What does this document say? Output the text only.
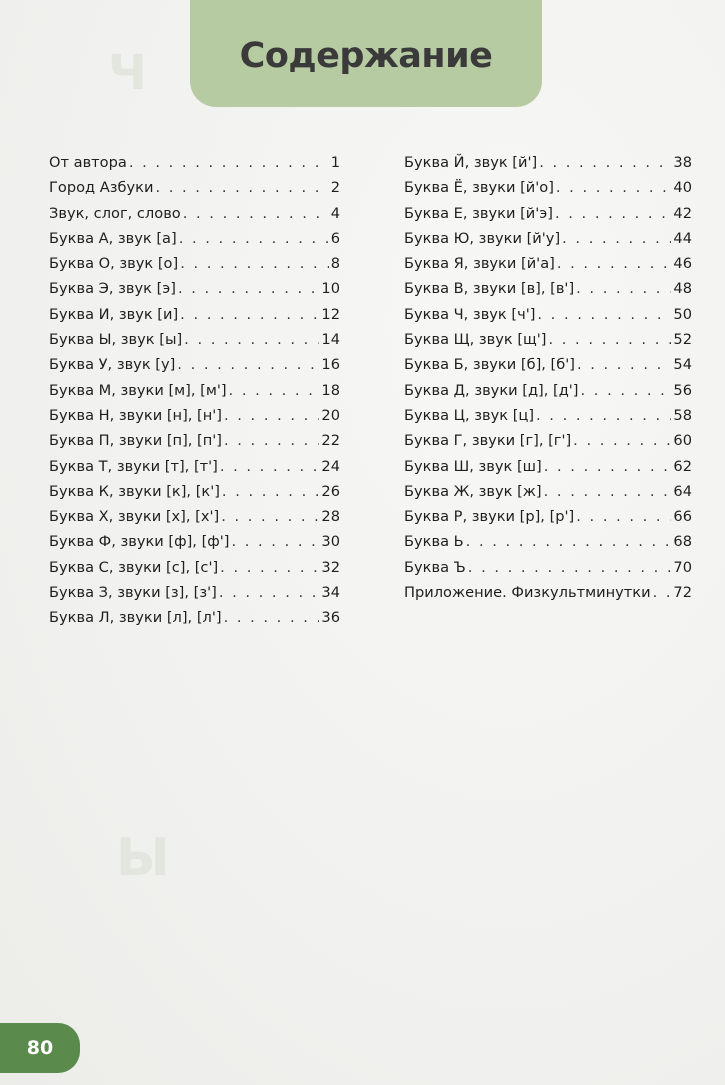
Ч
Ы
Содержание
От автора . . .	1
Город Азбуки . . .	2
Звук, слог, слово . . .	4
Буква А, звук [а] . . .	6
Буква О, звук [о] . . .	8
Буква Э, звук [э] . . .	10
Буква И, звук [и] . . .	12
Буква Ы, звук [ы] . . .	14
Буква У, звук [у] . . .	16
Буква М, звуки [м], [м'] . . .	18
Буква Н, звуки [н], [н'] . . .	20
Буква П, звуки [п], [п'] . . .	22
Буква Т, звуки [т], [т'] . . .	24
Буква К, звуки [к], [к'] . . .	26
Буква Х, звуки [х], [х'] . . .	28
Буква Ф, звуки [ф], [ф'] . . .	30
Буква С, звуки [с], [с'] . . .	32
Буква З, звуки [з], [з'] . . .	34
Буква Л, звуки [л], [л'] . . .	36
Буква Й, звук [й'] . . .	38
Буква Ё, звуки [й'о] . . .	40
Буква Е, звуки [й'э] . . .	42
Буква Ю, звуки [й'у] . . .	44
Буква Я, звуки [й'а] . . .	46
Буква В, звуки [в], [в'] . . .	48
Буква Ч, звук [ч'] . . .	50
Буква Щ, звук [щ'] . . .	52
Буква Б, звуки [б], [б'] . . .	54
Буква Д, звуки [д], [д'] . . .	56
Буква Ц, звук [ц] . . .	58
Буква Г, звуки [г], [г'] . . .	60
Буква Ш, звук [ш] . . .	62
Буква Ж, звук [ж] . . .	64
Буква Р, звуки [р], [р'] . . .	66
Буква Ь . . .	68
Буква Ъ . . .	70
Приложение. Физкультминутки . . . 72
80
